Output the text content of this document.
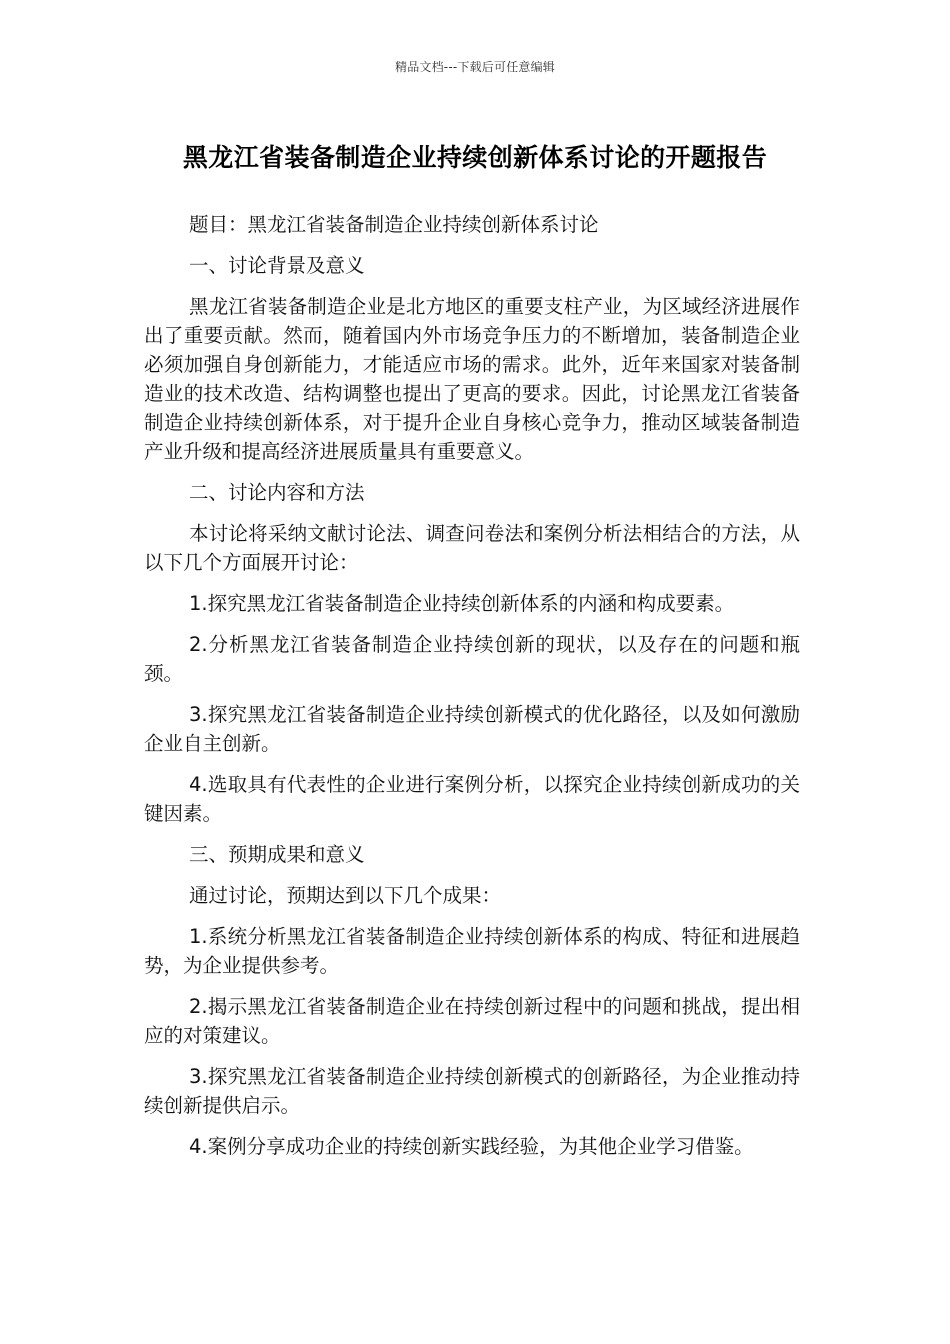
精品文档---下载后可任意编辑
黑龙江省装备制造企业持续创新体系讨论的开题报告

题目：黑龙江省装备制造企业持续创新体系讨论

一、讨论背景及意义

黑龙江省装备制造企业是北方地区的重要支柱产业，为区域经济进展作出了重要贡献。然而，随着国内外市场竞争压力的不断增加，装备制造企业必须加强自身创新能力，才能适应市场的需求。此外，近年来国家对装备制造业的技术改造、结构调整也提出了更高的要求。因此，讨论黑龙江省装备制造企业持续创新体系，对于提升企业自身核心竞争力，推动区域装备制造产业升级和提高经济进展质量具有重要意义。

二、讨论内容和方法

本讨论将采纳文献讨论法、调查问卷法和案例分析法相结合的方法，从以下几个方面展开讨论：

1.探究黑龙江省装备制造企业持续创新体系的内涵和构成要素。

2.分析黑龙江省装备制造企业持续创新的现状，以及存在的问题和瓶颈。

3.探究黑龙江省装备制造企业持续创新模式的优化路径，以及如何激励企业自主创新。

4.选取具有代表性的企业进行案例分析，以探究企业持续创新成功的关键因素。

三、预期成果和意义

通过讨论，预期达到以下几个成果：

1.系统分析黑龙江省装备制造企业持续创新体系的构成、特征和进展趋势，为企业提供参考。

2.揭示黑龙江省装备制造企业在持续创新过程中的问题和挑战，提出相应的对策建议。

3.探究黑龙江省装备制造企业持续创新模式的创新路径，为企业推动持续创新提供启示。

4.案例分享成功企业的持续创新实践经验，为其他企业学习借鉴。
